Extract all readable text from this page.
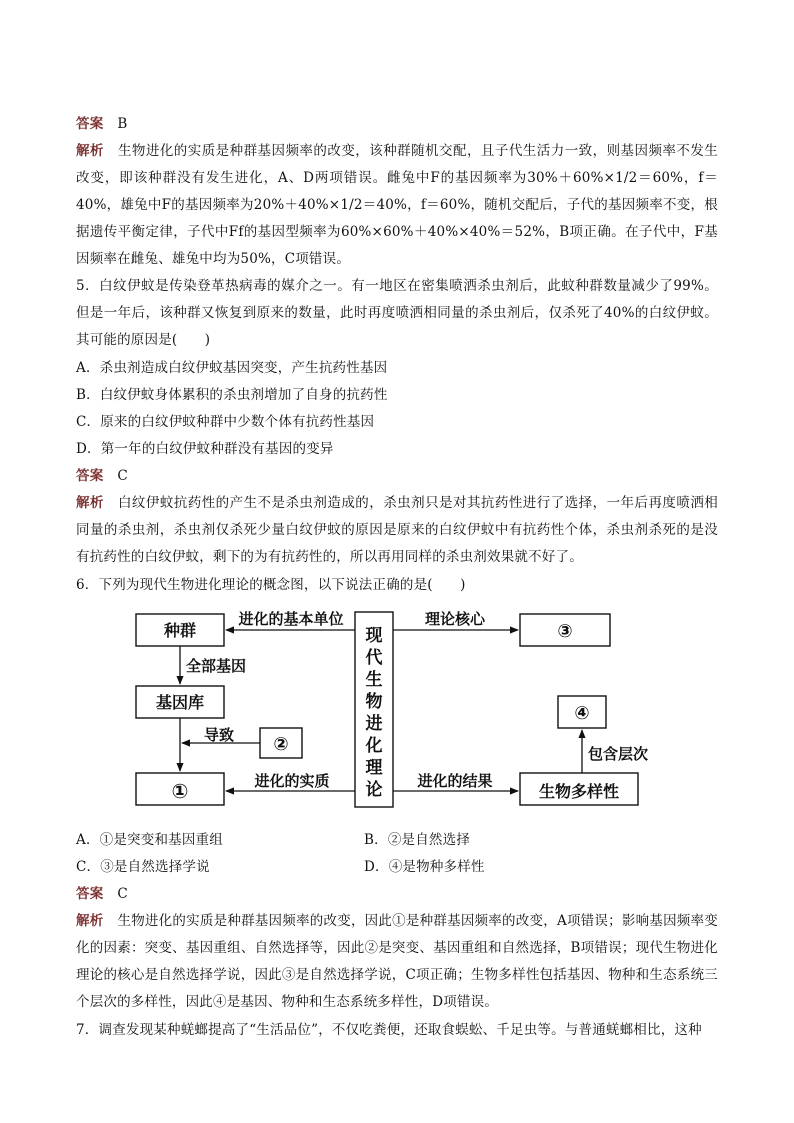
答案 B
解析 生物进化的实质是种群基因频率的改变，该种群随机交配，且子代生活力一致，则基因频率不发生改变，即该种群没有发生进化，A、D两项错误。雌兔中F的基因频率为30%＋60%×1/2＝60%，f＝40%，雄兔中F的基因频率为20%＋40%×1/2＝40%，f＝60%，随机交配后，子代的基因频率不变，根据遗传平衡定律，子代中Ff的基因型频率为60%×60%＋40%×40%＝52%，B项正确。在子代中，F基因频率在雌兔、雄兔中均为50%，C项错误。
5．白纹伊蚊是传染登革热病毒的媒介之一。有一地区在密集喷洒杀虫剂后，此蚊种群数量减少了99%。但是一年后，该种群又恢复到原来的数量，此时再度喷洒相同量的杀虫剂后，仅杀死了40%的白纹伊蚊。其可能的原因是(　　)
A．杀虫剂造成白纹伊蚊基因突变，产生抗药性基因
B．白纹伊蚊身体累积的杀虫剂增加了自身的抗药性
C．原来的白纹伊蚊种群中少数个体有抗药性基因
D．第一年的白纹伊蚊种群没有基因的变异
答案 C
解析 白纹伊蚊抗药性的产生不是杀虫剂造成的，杀虫剂只是对其抗药性进行了选择，一年后再度喷洒相同量的杀虫剂，杀虫剂仅杀死少量白纹伊蚊的原因是原来的白纹伊蚊中有抗药性个体，杀虫剂杀死的是没有抗药性的白纹伊蚊，剩下的为有抗药性的，所以再用同样的杀虫剂效果就不好了。
6．下列为现代生物进化理论的概念图，以下说法正确的是(　　)
种群
基因库
①
②
③
④
生物多样性
进化的基本单位
全部基因
导致
进化的实质
理论核心
进化的结果
包含层次
现
代
生
物
进
化
理
论
A．①是突变和基因重组	B．②是自然选择
C．③是自然选择学说	D．④是物种多样性
答案 C
解析 生物进化的实质是种群基因频率的改变，因此①是种群基因频率的改变，A项错误；影响基因频率变化的因素：突变、基因重组、自然选择等，因此②是突变、基因重组和自然选择，B项错误；现代生物进化理论的核心是自然选择学说，因此③是自然选择学说，C项正确；生物多样性包括基因、物种和生态系统三个层次的多样性，因此④是基因、物种和生态系统多样性，D项错误。
7．调查发现某种蜣螂提高了“生活品位”，不仅吃粪便，还取食蜈蚣、千足虫等。与普通蜣螂相比，这种
